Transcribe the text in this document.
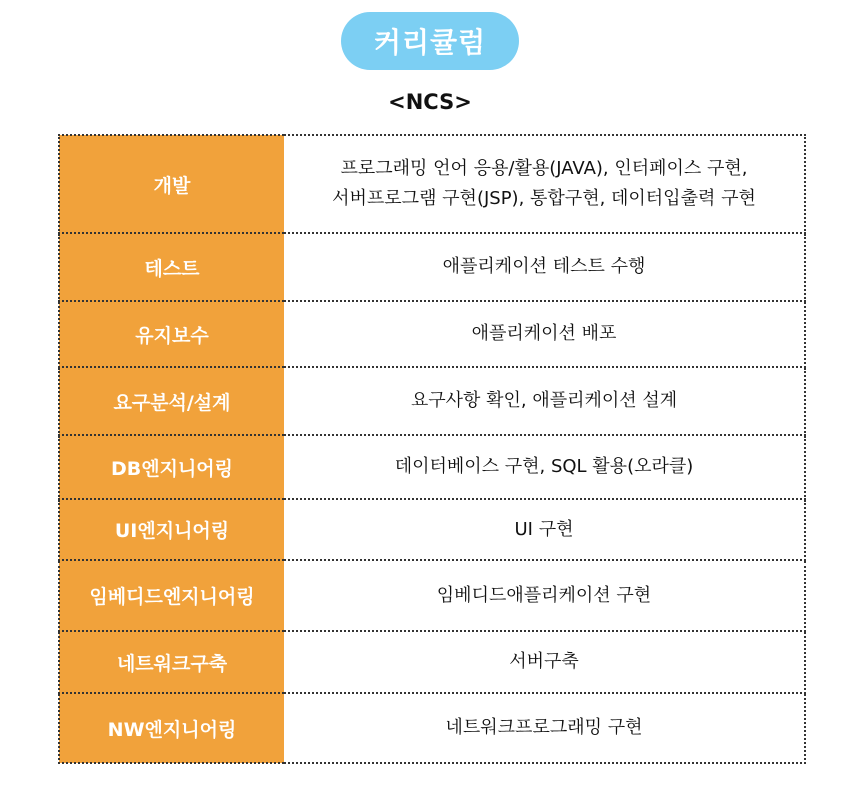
커리큘럼
<NCS>
개발	프로그래밍 언어 응용/활용(JAVA), 인터페이스 구현,
서버프로그램 구현(JSP), 통합구현, 데이터입출력 구현

테스트	애플리케이션 테스트 수행
유지보수	애플리케이션 배포
요구분석/설계	요구사항 확인, 애플리케이션 설계
DB엔지니어링	데이터베이스 구현, SQL 활용(오라클)
UI엔지니어링	UI 구현
임베디드엔지니어링	임베디드애플리케이션 구현
네트워크구축	서버구축
NW엔지니어링	네트워크프로그래밍 구현
